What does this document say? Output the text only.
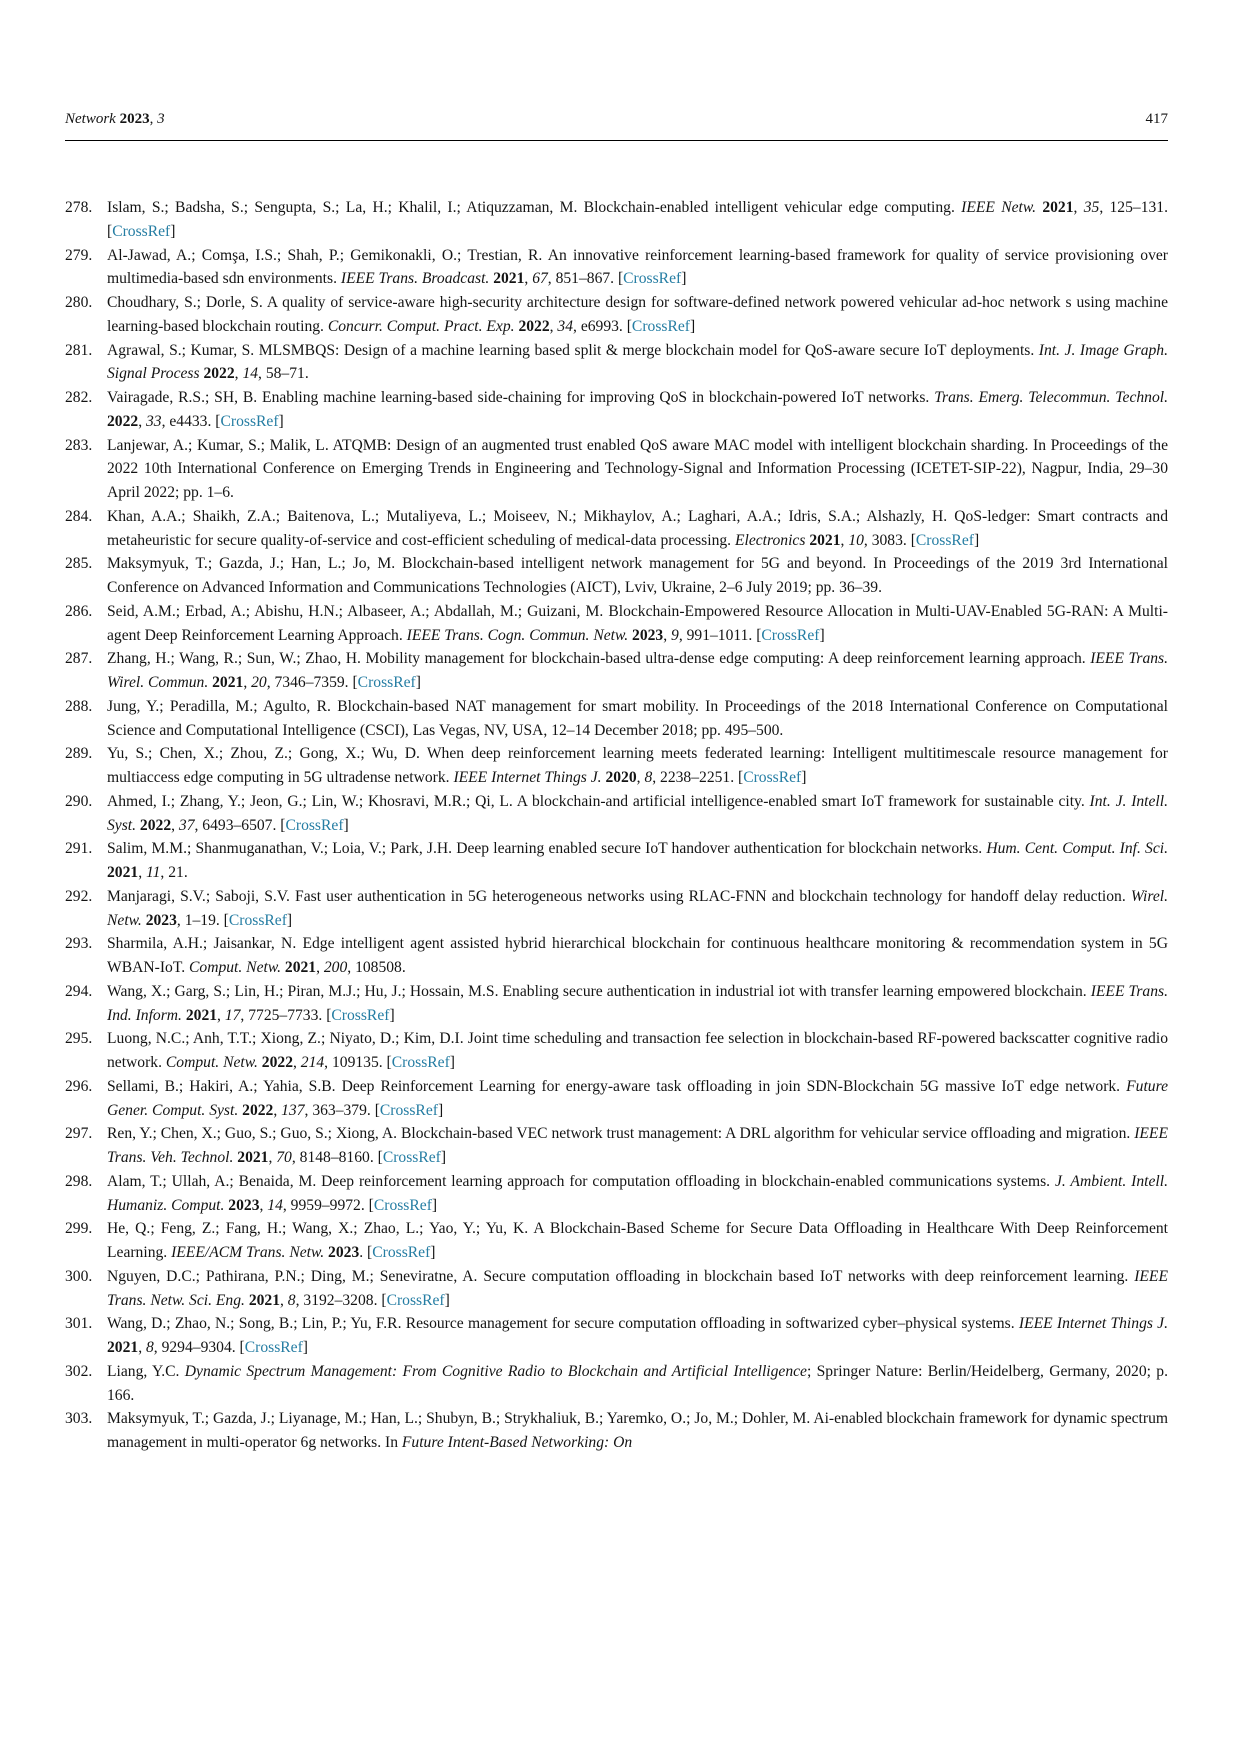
Network 2023, 3	417
278. Islam, S.; Badsha, S.; Sengupta, S.; La, H.; Khalil, I.; Atiquzzaman, M. Blockchain-enabled intelligent vehicular edge computing. IEEE Netw. 2021, 35, 125–131. [CrossRef]
279. Al-Jawad, A.; Comşa, I.S.; Shah, P.; Gemikonakli, O.; Trestian, R. An innovative reinforcement learning-based framework for quality of service provisioning over multimedia-based sdn environments. IEEE Trans. Broadcast. 2021, 67, 851–867. [CrossRef]
280. Choudhary, S.; Dorle, S. A quality of service-aware high-security architecture design for software-defined network powered vehicular ad-hoc network s using machine learning-based blockchain routing. Concurr. Comput. Pract. Exp. 2022, 34, e6993. [CrossRef]
281. Agrawal, S.; Kumar, S. MLSMBQS: Design of a machine learning based split & merge blockchain model for QoS-aware secure IoT deployments. Int. J. Image Graph. Signal Process 2022, 14, 58–71.
282. Vairagade, R.S.; SH, B. Enabling machine learning-based side-chaining for improving QoS in blockchain-powered IoT networks. Trans. Emerg. Telecommun. Technol. 2022, 33, e4433. [CrossRef]
283. Lanjewar, A.; Kumar, S.; Malik, L. ATQMB: Design of an augmented trust enabled QoS aware MAC model with intelligent blockchain sharding. In Proceedings of the 2022 10th International Conference on Emerging Trends in Engineering and Technology-Signal and Information Processing (ICETET-SIP-22), Nagpur, India, 29–30 April 2022; pp. 1–6.
284. Khan, A.A.; Shaikh, Z.A.; Baitenova, L.; Mutaliyeva, L.; Moiseev, N.; Mikhaylov, A.; Laghari, A.A.; Idris, S.A.; Alshazly, H. QoS-ledger: Smart contracts and metaheuristic for secure quality-of-service and cost-efficient scheduling of medical-data processing. Electronics 2021, 10, 3083. [CrossRef]
285. Maksymyuk, T.; Gazda, J.; Han, L.; Jo, M. Blockchain-based intelligent network management for 5G and beyond. In Proceedings of the 2019 3rd International Conference on Advanced Information and Communications Technologies (AICT), Lviv, Ukraine, 2–6 July 2019; pp. 36–39.
286. Seid, A.M.; Erbad, A.; Abishu, H.N.; Albaseer, A.; Abdallah, M.; Guizani, M. Blockchain-Empowered Resource Allocation in Multi-UAV-Enabled 5G-RAN: A Multi-agent Deep Reinforcement Learning Approach. IEEE Trans. Cogn. Commun. Netw. 2023, 9, 991–1011. [CrossRef]
287. Zhang, H.; Wang, R.; Sun, W.; Zhao, H. Mobility management for blockchain-based ultra-dense edge computing: A deep reinforcement learning approach. IEEE Trans. Wirel. Commun. 2021, 20, 7346–7359. [CrossRef]
288. Jung, Y.; Peradilla, M.; Agulto, R. Blockchain-based NAT management for smart mobility. In Proceedings of the 2018 International Conference on Computational Science and Computational Intelligence (CSCI), Las Vegas, NV, USA, 12–14 December 2018; pp. 495–500.
289. Yu, S.; Chen, X.; Zhou, Z.; Gong, X.; Wu, D. When deep reinforcement learning meets federated learning: Intelligent multitimescale resource management for multiaccess edge computing in 5G ultradense network. IEEE Internet Things J. 2020, 8, 2238–2251. [CrossRef]
290. Ahmed, I.; Zhang, Y.; Jeon, G.; Lin, W.; Khosravi, M.R.; Qi, L. A blockchain-and artificial intelligence-enabled smart IoT framework for sustainable city. Int. J. Intell. Syst. 2022, 37, 6493–6507. [CrossRef]
291. Salim, M.M.; Shanmuganathan, V.; Loia, V.; Park, J.H. Deep learning enabled secure IoT handover authentication for blockchain networks. Hum. Cent. Comput. Inf. Sci. 2021, 11, 21.
292. Manjaragi, S.V.; Saboji, S.V. Fast user authentication in 5G heterogeneous networks using RLAC-FNN and blockchain technology for handoff delay reduction. Wirel. Netw. 2023, 1–19. [CrossRef]
293. Sharmila, A.H.; Jaisankar, N. Edge intelligent agent assisted hybrid hierarchical blockchain for continuous healthcare monitoring & recommendation system in 5G WBAN-IoT. Comput. Netw. 2021, 200, 108508.
294. Wang, X.; Garg, S.; Lin, H.; Piran, M.J.; Hu, J.; Hossain, M.S. Enabling secure authentication in industrial iot with transfer learning empowered blockchain. IEEE Trans. Ind. Inform. 2021, 17, 7725–7733. [CrossRef]
295. Luong, N.C.; Anh, T.T.; Xiong, Z.; Niyato, D.; Kim, D.I. Joint time scheduling and transaction fee selection in blockchain-based RF-powered backscatter cognitive radio network. Comput. Netw. 2022, 214, 109135. [CrossRef]
296. Sellami, B.; Hakiri, A.; Yahia, S.B. Deep Reinforcement Learning for energy-aware task offloading in join SDN-Blockchain 5G massive IoT edge network. Future Gener. Comput. Syst. 2022, 137, 363–379. [CrossRef]
297. Ren, Y.; Chen, X.; Guo, S.; Guo, S.; Xiong, A. Blockchain-based VEC network trust management: A DRL algorithm for vehicular service offloading and migration. IEEE Trans. Veh. Technol. 2021, 70, 8148–8160. [CrossRef]
298. Alam, T.; Ullah, A.; Benaida, M. Deep reinforcement learning approach for computation offloading in blockchain-enabled communications systems. J. Ambient. Intell. Humaniz. Comput. 2023, 14, 9959–9972. [CrossRef]
299. He, Q.; Feng, Z.; Fang, H.; Wang, X.; Zhao, L.; Yao, Y.; Yu, K. A Blockchain-Based Scheme for Secure Data Offloading in Healthcare With Deep Reinforcement Learning. IEEE/ACM Trans. Netw. 2023. [CrossRef]
300. Nguyen, D.C.; Pathirana, P.N.; Ding, M.; Seneviratne, A. Secure computation offloading in blockchain based IoT networks with deep reinforcement learning. IEEE Trans. Netw. Sci. Eng. 2021, 8, 3192–3208. [CrossRef]
301. Wang, D.; Zhao, N.; Song, B.; Lin, P.; Yu, F.R. Resource management for secure computation offloading in softwarized cyber–physical systems. IEEE Internet Things J. 2021, 8, 9294–9304. [CrossRef]
302. Liang, Y.C. Dynamic Spectrum Management: From Cognitive Radio to Blockchain and Artificial Intelligence; Springer Nature: Berlin/Heidelberg, Germany, 2020; p. 166.
303. Maksymyuk, T.; Gazda, J.; Liyanage, M.; Han, L.; Shubyn, B.; Strykhaliuk, B.; Yaremko, O.; Jo, M.; Dohler, M. Ai-enabled blockchain framework for dynamic spectrum management in multi-operator 6g networks. In Future Intent-Based Networking: On
